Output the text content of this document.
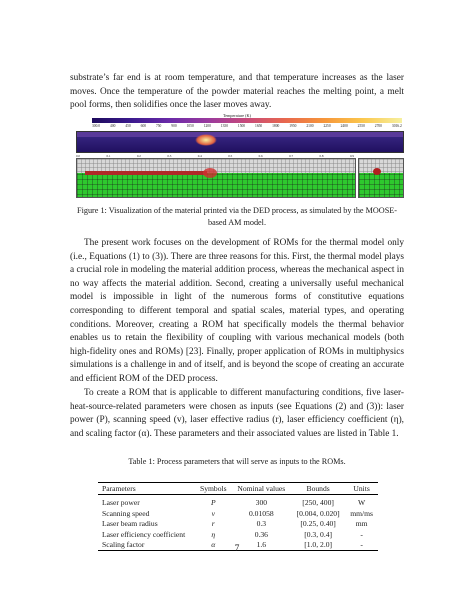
substrate’s far end is at room temperature, and that temperature increases as the laser moves. Once the temperature of the powder material reaches the melting point, a melt pool forms, then solidifies once the laser moves away.
Temperature (K)
300.0	400	450	600	750	900	1050	1200	1350	1500	1650	1800	1950	2100	2250	2400	2550	2700	3016.2
0.0	0.1	0.2	0.3	0.4	0.5	0.6	0.7	0.8	0.9
Figure 1: Visualization of the material printed via the DED process, as simulated by the MOOSE-based AM model.
The present work focuses on the development of ROMs for the thermal model only (i.e., Equations (1) to (3)). There are three reasons for this. First, the thermal model plays a crucial role in modeling the material addition process, whereas the mechanical aspect in no way affects the material addition. Second, creating a universally useful mechanical model is impossible in light of the numerous forms of constitutive equations corresponding to different temporal and spatial scales, material types, and operating conditions. Moreover, creating a ROM hat specifically models the thermal behavior enables us to retain the flexibility of coupling with various mechanical models (both high-fidelity ones and ROMs) [23]. Finally, proper application of ROMs in multiphysics simulations is a challenge in and of itself, and is beyond the scope of creating an accurate and efficient ROM of the DED process.
To create a ROM that is applicable to different manufacturing conditions, five laser-heat-source-related parameters were chosen as inputs (see Equations (2) and (3)): laser power (P), scanning speed (v), laser effective radius (r), laser efficiency coefficient (η), and scaling factor (α). These parameters and their associated values are listed in Table 1.
Table 1: Process parameters that will serve as inputs to the ROMs.
Parameters	Symbols	Nominal values	Bounds	Units
Laser power	P	300	[250, 400]	W
Scanning speed	v	0.01058	[0.004, 0.020]	mm/ms
Laser beam radius	r	0.3	[0.25, 0.40]	mm
Laser efficiency coefficient	η	0.36	[0.3, 0.4]	-
Scaling factor	α	1.6	[1.0, 2.0]	-
7
